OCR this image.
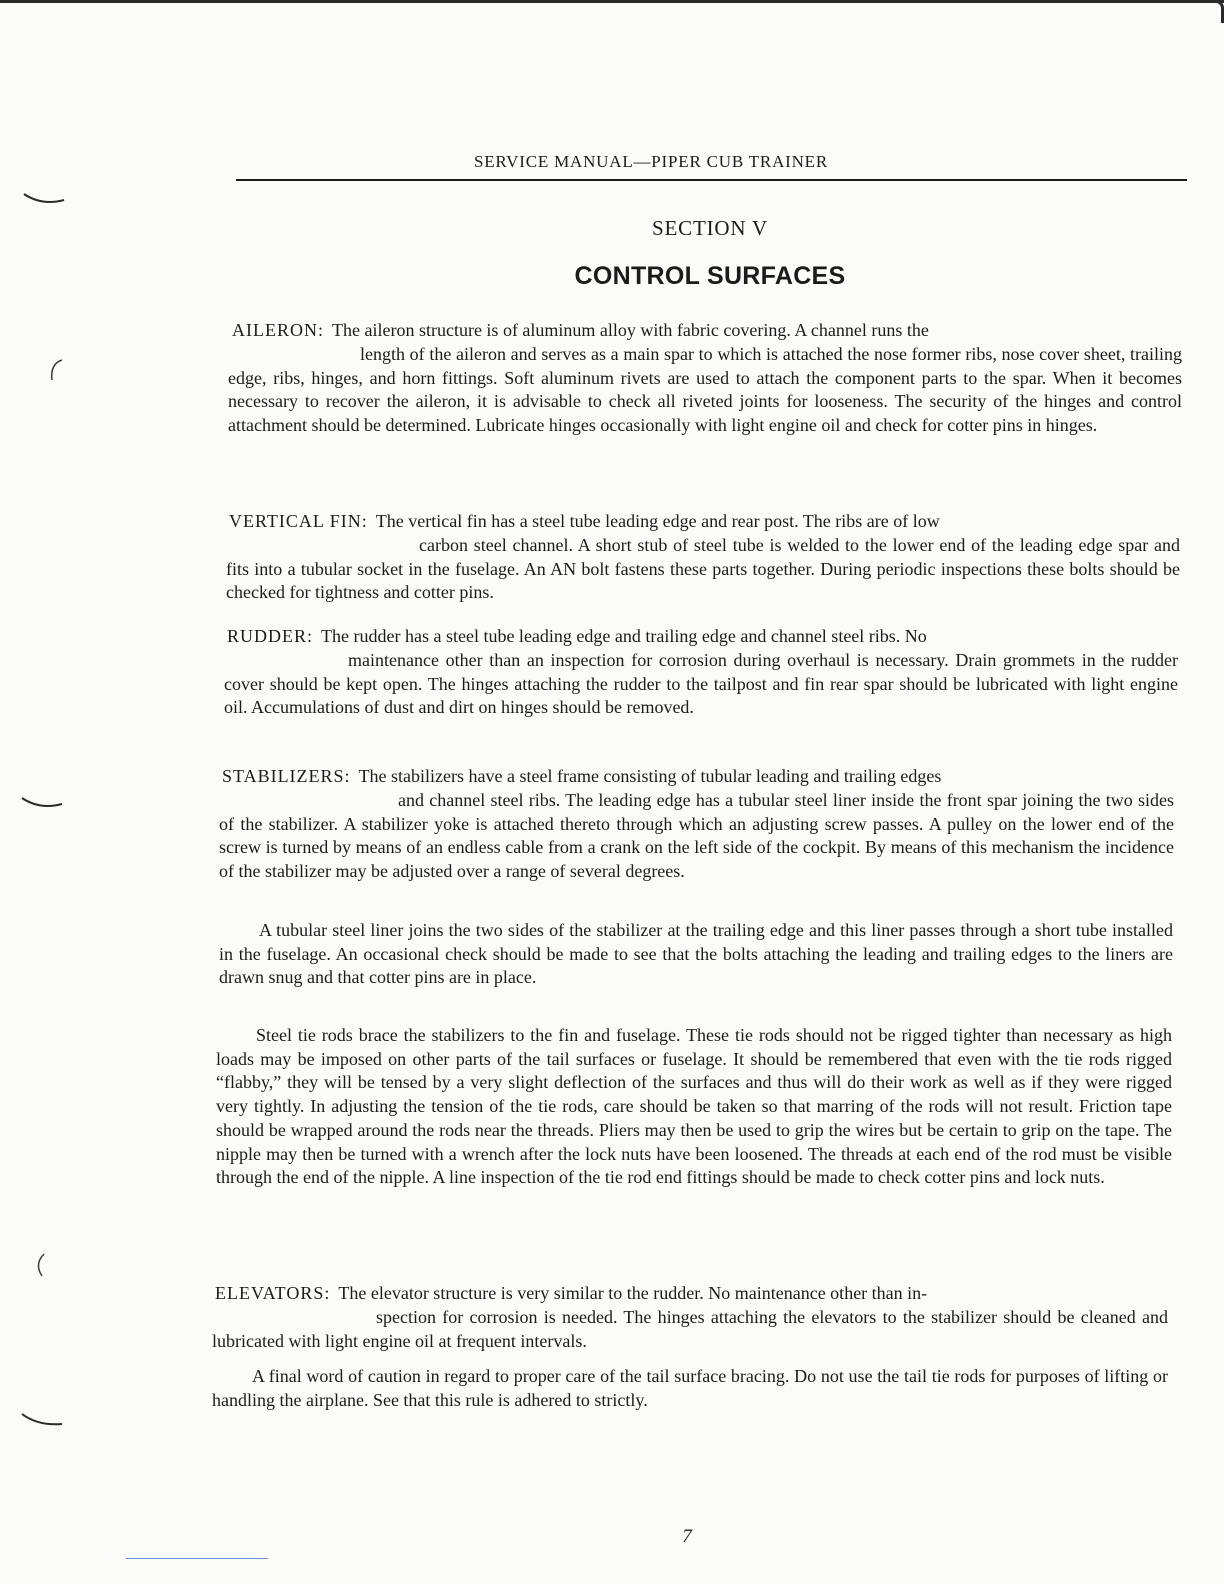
SERVICE MANUAL—PIPER CUB TRAINER
SECTION V
CONTROL SURFACES
AILERON: The aileron structure is of aluminum alloy with fabric covering. A channel runs the

length of the aileron and serves as a main spar to which is attached the nose former ribs, nose cover sheet, trailing edge, ribs, hinges, and horn fittings. Soft aluminum rivets are used to attach the component parts to the spar. When it becomes necessary to recover the aileron, it is advisable to check all riveted joints for looseness. The security of the hinges and control attachment should be determined. Lubricate hinges occasionally with light engine oil and check for cotter pins in hinges.

VERTICAL FIN: The vertical fin has a steel tube leading edge and rear post. The ribs are of low

carbon steel channel. A short stub of steel tube is welded to the lower end of the leading edge spar and fits into a tubular socket in the fuselage. An AN bolt fastens these parts together. During periodic inspections these bolts should be checked for tightness and cotter pins.

RUDDER: The rudder has a steel tube leading edge and trailing edge and channel steel ribs. No

maintenance other than an inspection for corrosion during overhaul is necessary. Drain grommets in the rudder cover should be kept open. The hinges attaching the rudder to the tailpost and fin rear spar should be lubricated with light engine oil. Accumulations of dust and dirt on hinges should be removed.

STABILIZERS: The stabilizers have a steel frame consisting of tubular leading and trailing edges

and channel steel ribs. The leading edge has a tubular steel liner inside the front spar joining the two sides of the stabilizer. A stabilizer yoke is attached thereto through which an adjusting screw passes. A pulley on the lower end of the screw is turned by means of an endless cable from a crank on the left side of the cockpit. By means of this mechanism the incidence of the stabilizer may be adjusted over a range of several degrees.

A tubular steel liner joins the two sides of the stabilizer at the trailing edge and this liner passes through a short tube installed in the fuselage. An occasional check should be made to see that the bolts attaching the leading and trailing edges to the liners are drawn snug and that cotter pins are in place.

Steel tie rods brace the stabilizers to the fin and fuselage. These tie rods should not be rigged tighter than necessary as high loads may be imposed on other parts of the tail surfaces or fuselage. It should be remembered that even with the tie rods rigged “flabby,” they will be tensed by a very slight deflection of the surfaces and thus will do their work as well as if they were rigged very tightly. In adjusting the tension of the tie rods, care should be taken so that marring of the rods will not result. Friction tape should be wrapped around the rods near the threads. Pliers may then be used to grip the wires but be certain to grip on the tape. The nipple may then be turned with a wrench after the lock nuts have been loosened. The threads at each end of the rod must be visible through the end of the nipple. A line inspection of the tie rod end fittings should be made to check cotter pins and lock nuts.

ELEVATORS: The elevator structure is very similar to the rudder. No maintenance other than in-

spection for corrosion is needed. The hinges attaching the elevators to the stabilizer should be cleaned and lubricated with light engine oil at frequent intervals.

A final word of caution in regard to proper care of the tail surface bracing. Do not use the tail tie rods for purposes of lifting or handling the airplane. See that this rule is adhered to strictly.

7
